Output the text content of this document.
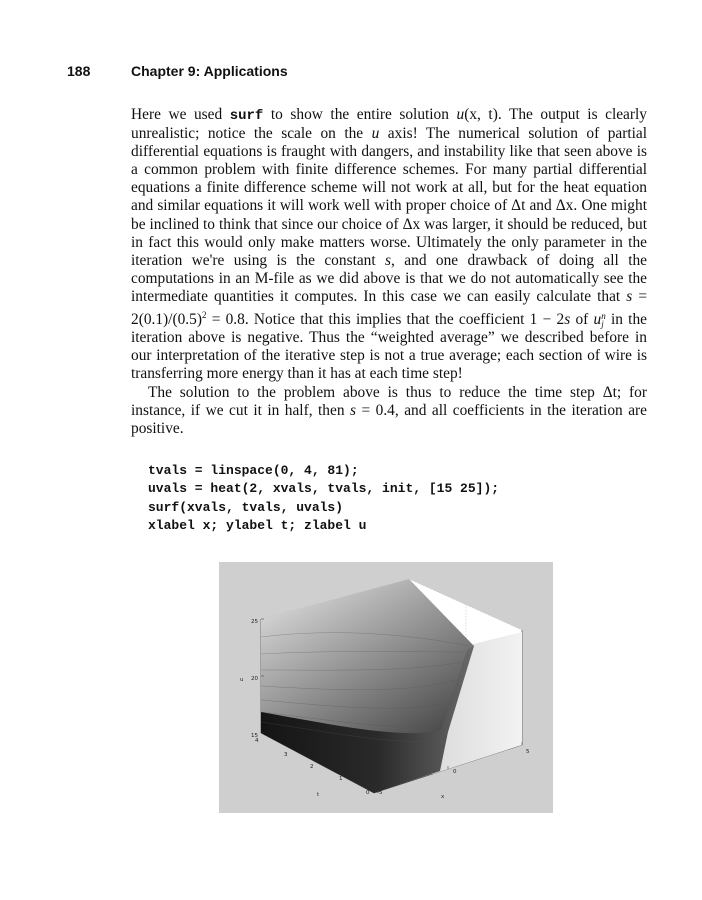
188	Chapter 9: Applications

Here we used surf to show the entire solution u(x, t). The output is clearly unrealistic; notice the scale on the u axis! The numerical solution of partial differential equations is fraught with dangers, and instability like that seen above is a common problem with finite difference schemes. For many partial differential equations a finite difference scheme will not work at all, but for the heat equation and similar equations it will work well with proper choice of Δt and Δx. One might be inclined to think that since our choice of Δx was larger, it should be reduced, but in fact this would only make matters worse. Ultimately the only parameter in the iteration we're using is the constant s, and one drawback of doing all the computations in an M-file as we did above is that we do not automatically see the intermediate quantities it computes. In this case we can easily calculate that $s = 2(0.1)/(0.5)^2 = 0.8$. Notice that this implies that the coefficient 1 − 2s of u n
j in the iteration above is negative. Thus the “weighted average” we described before in our interpretation of the iterative step is not a true average; each section of wire is transferring more energy than it has at each time step!

The solution to the problem above is thus to reduce the time step Δt; for instance, if we cut it in half, then s = 0.4, and all coefficients in the iteration are positive.

tvals = linspace(0, 4, 81);
uvals = heat(2, xvals, tvals, init, [15 25]);
surf(xvals, tvals, uvals)
xlabel x; ylabel t; zlabel u
25
20
15
u
4
3
2
1
0
t	-5
0
5
x
